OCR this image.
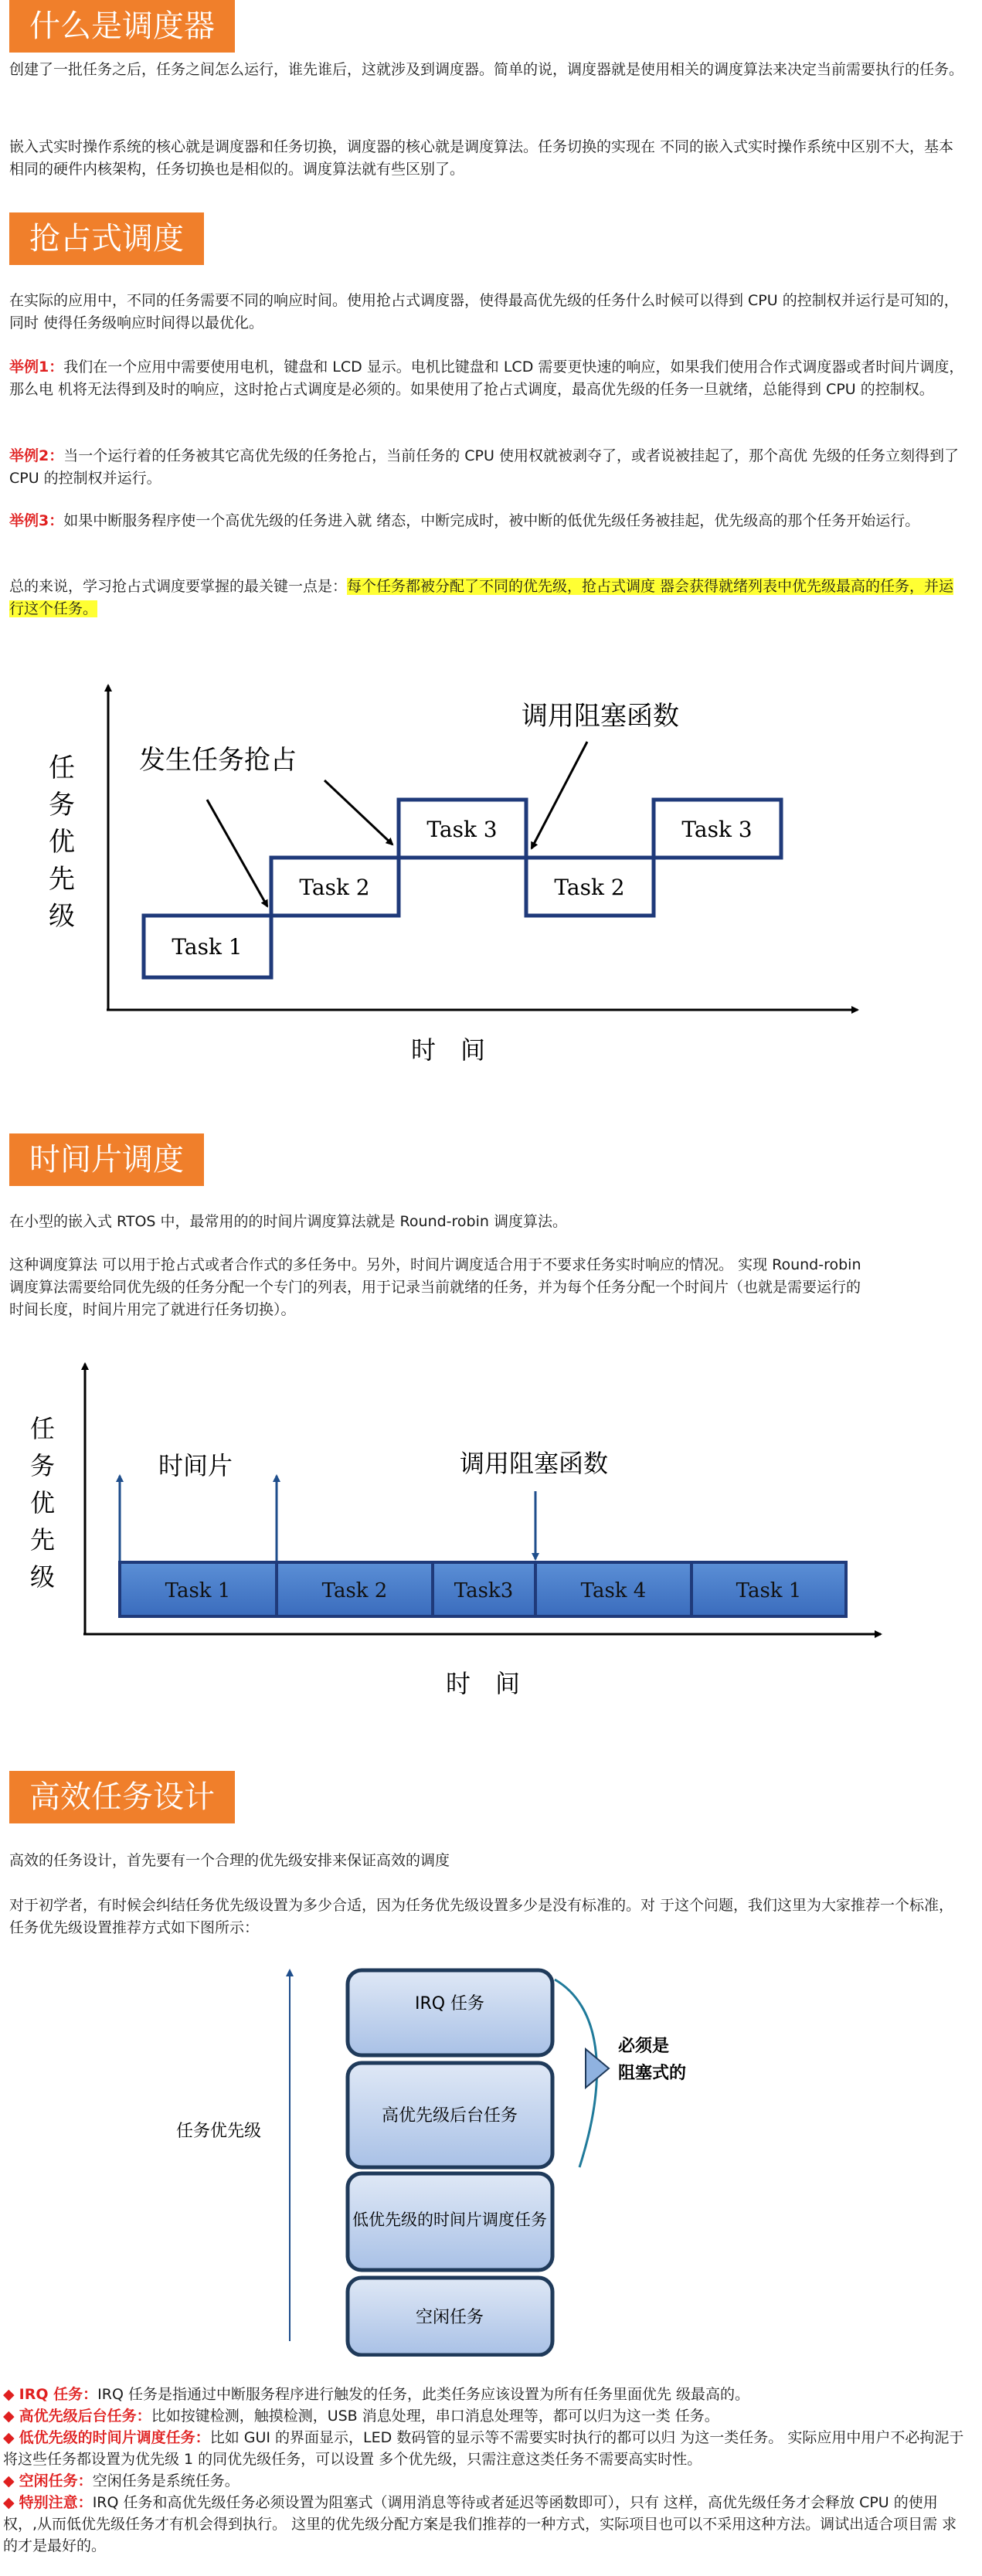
什么是调度器

创建了一批任务之后，任务之间怎么运行，谁先谁后，这就涉及到调度器。简单的说，调度器就是使用相关的调度算法来决定当前需要执行的任务。

嵌入式实时操作系统的核心就是调度器和任务切换，调度器的核心就是调度算法。任务切换的实现在 不同的嵌入式实时操作系统中区别不大，基本相同的硬件内核架构，任务切换也是相似的。调度算法就有些区别了。

抢占式调度

在实际的应用中，不同的任务需要不同的响应时间。使用抢占式调度器，使得最高优先级的任务什么时候可以得到 CPU 的控制权并运行是可知的，同时 使得任务级响应时间得以最优化。

举例1：我们在一个应用中需要使用电机，键盘和 LCD 显示。电机比键盘和 LCD 需要更快速的响应，如果我们使用合作式调度器或者时间片调度，那么电 机将无法得到及时的响应，这时抢占式调度是必须的。如果使用了抢占式调度，最高优先级的任务一旦就绪，总能得到 CPU 的控制权。

举例2：当一个运行着的任务被其它高优先级的任务抢占，当前任务的 CPU 使用权就被剥夺了，或者说被挂起了，那个高优 先级的任务立刻得到了 CPU 的控制权并运行。

举例3：如果中断服务程序使一个高优先级的任务进入就 绪态，中断完成时，被中断的低优先级任务被挂起，优先级高的那个任务开始运行。

总的来说，学习抢占式调度要掌握的最关键一点是：每个任务都被分配了不同的优先级，抢占式调度 器会获得就绪列表中优先级最高的任务，并运行这个任务。

任
务
优
先
级
时　间
Task 1
Task 2
Task 3
Task 2
Task 3
发生任务抢占
调用阻塞函数
时间片调度

在小型的嵌入式 RTOS 中，最常用的的时间片调度算法就是 Round-robin 调度算法。

这种调度算法 可以用于抢占式或者合作式的多任务中。另外，时间片调度适合用于不要求任务实时响应的情况。 实现 Round-robin 调度算法需要给同优先级的任务分配一个专门的列表，用于记录当前就绪的任务，并为每个任务分配一个时间片（也就是需要运行的时间长度，时间片用完了就进行任务切换）。

任
务
优
先
级
时　间
Task 1	Task 2	Task3	Task 4	Task 1
时间片	调用阻塞函数
高效任务设计

高效的任务设计，首先要有一个合理的优先级安排来保证高效的调度

对于初学者，有时候会纠结任务优先级设置为多少合适，因为任务优先级设置多少是没有标准的。对 于这个问题，我们这里为大家推荐一个标准，任务优先级设置推荐方式如下图所示：

任务优先级
IRQ 任务
高优先级后台任务
低优先级的时间片调度任务
空闲任务
必须是
阻塞式的
◆ IRQ 任务：IRQ 任务是指通过中断服务程序进行触发的任务，此类任务应该设置为所有任务里面优先 级最高的。
◆ 高优先级后台任务：比如按键检测，触摸检测，USB 消息处理，串口消息处理等，都可以归为这一类 任务。
◆ 低优先级的时间片调度任务：比如 GUI 的界面显示，LED 数码管的显示等不需要实时执行的都可以归 为这一类任务。 实际应用中用户不必拘泥于将这些任务都设置为优先级 1 的同优先级任务，可以设置 多个优先级，只需注意这类任务不需要高实时性。
◆ 空闲任务：空闲任务是系统任务。
◆ 特别注意：IRQ 任务和高优先级任务必须设置为阻塞式（调用消息等待或者延迟等函数即可），只有 这样，高优先级任务才会释放 CPU 的使用权，,从而低优先级任务才有机会得到执行。 这里的优先级分配方案是我们推荐的一种方式，实际项目也可以不采用这种方法。调试出适合项目需 求的才是最好的。
